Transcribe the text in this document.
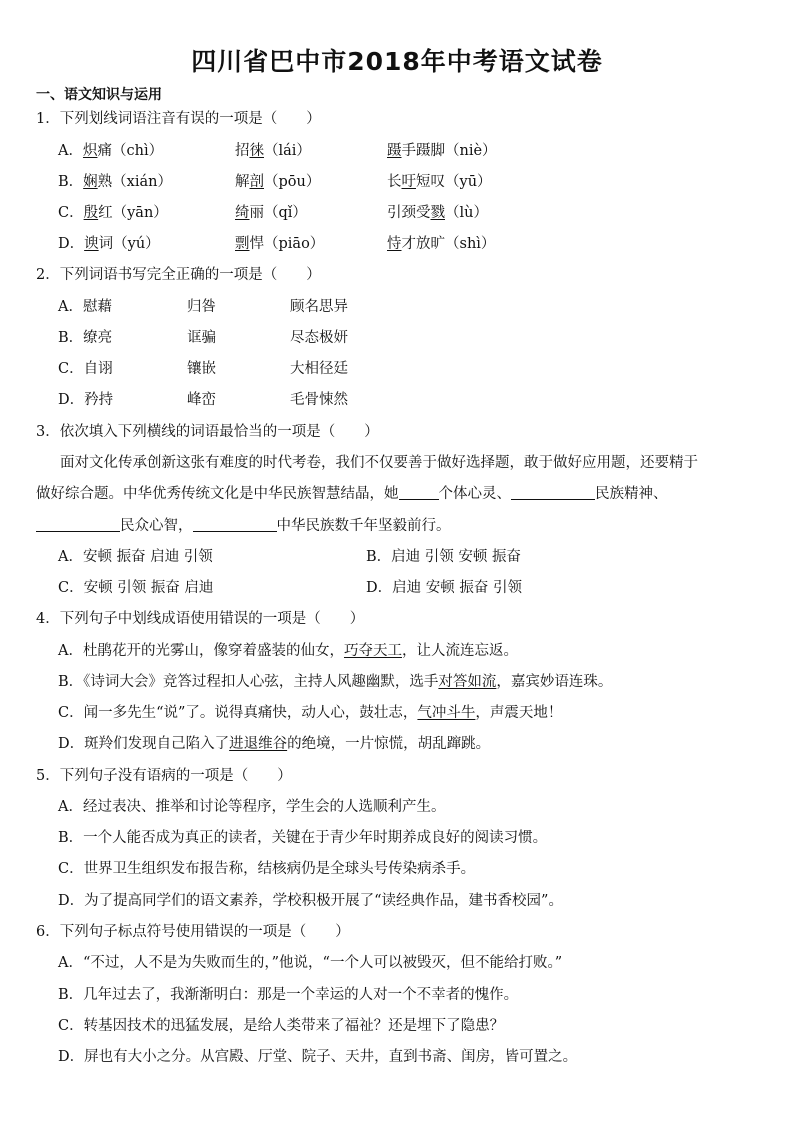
四川省巴中市2018年中考语文试卷
一、语文知识与运用
1．下列划线词语注音有误的一项是（　　）
A．炽痛（chì）	招徕（lái）	蹑手蹑脚（niè）
B．娴熟（xián）	解剖（pōu）	长吁短叹（yū）
C．殷红（yān）	绮丽（qǐ）	引颈受戮（lù）
D．谀词（yú）	剽悍（piāo）	恃才放旷（shì）
2．下列词语书写完全正确的一项是（　　）
A．慰藉	归咎	顾名思异
B．缭亮	诓骗	尽态极妍
C．自诩	镶嵌	大相径廷
D．矜持	峰峦	毛骨悚然
3．依次填入下列横线的词语最恰当的一项是（　　）
面对文化传承创新这张有难度的时代考卷，我们不仅要善于做好选择题，敢于做好应用题，还要精于
做好综合题。中华优秀传统文化是中华民族智慧结晶，她	个体心灵、	民族精神、
民众心智，	中华民族数千年坚毅前行。
A．安顿 振奋 启迪 引领	B．启迪 引领 安顿 振奋
C．安顿 引领 振奋 启迪	D．启迪 安顿 振奋 引领
4．下列句子中划线成语使用错误的一项是（　　）
A．杜鹃花开的光雾山，像穿着盛装的仙女，巧夺天工，让人流连忘返。
B．《诗词大会》竞答过程扣人心弦，主持人风趣幽默，选手对答如流，嘉宾妙语连珠。
C．闻一多先生“说”了。说得真痛快，动人心，鼓壮志，气冲斗牛，声震天地！
D．斑羚们发现自己陷入了进退维谷的绝境，一片惊慌，胡乱蹿跳。
5．下列句子没有语病的一项是（　　）
A．经过表决、推举和讨论等程序，学生会的人选顺利产生。
B．一个人能否成为真正的读者，关键在于青少年时期养成良好的阅读习惯。
C．世界卫生组织发布报告称，结核病仍是全球头号传染病杀手。
D．为了提高同学们的语文素养，学校积极开展了“读经典作品，建书香校园”。
6．下列句子标点符号使用错误的一项是（　　）
A．“不过，人不是为失败而生的，”他说，“一个人可以被毁灭，但不能给打败。”
B．几年过去了，我渐渐明白：那是一个幸运的人对一个不幸者的愧作。
C．转基因技术的迅猛发展，是给人类带来了福祉？还是埋下了隐患？
D．屏也有大小之分。从宫殿、厅堂、院子、天井，直到书斋、闺房，皆可置之。
